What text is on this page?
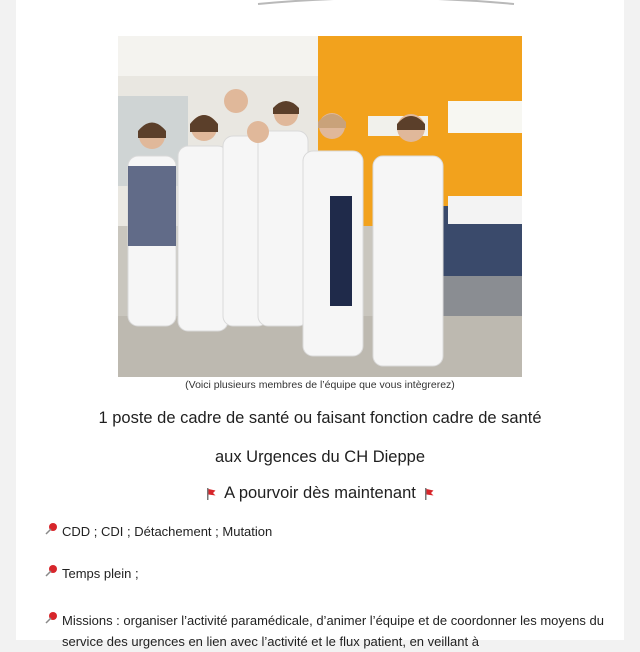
(Voici plusieurs membres de l’équipe que vous intègrerez)
1 poste de cadre de santé ou faisant fonction cadre de santé
aux Urgences du CH Dieppe
A pourvoir dès maintenant
CDD ; CDI ; Détachement ; Mutation
Temps plein ;
Missions : organiser l’activité paramédicale, d’animer l’équipe et de coordonner les moyens du service des urgences en lien avec l’activité et le flux patient, en veillant à
